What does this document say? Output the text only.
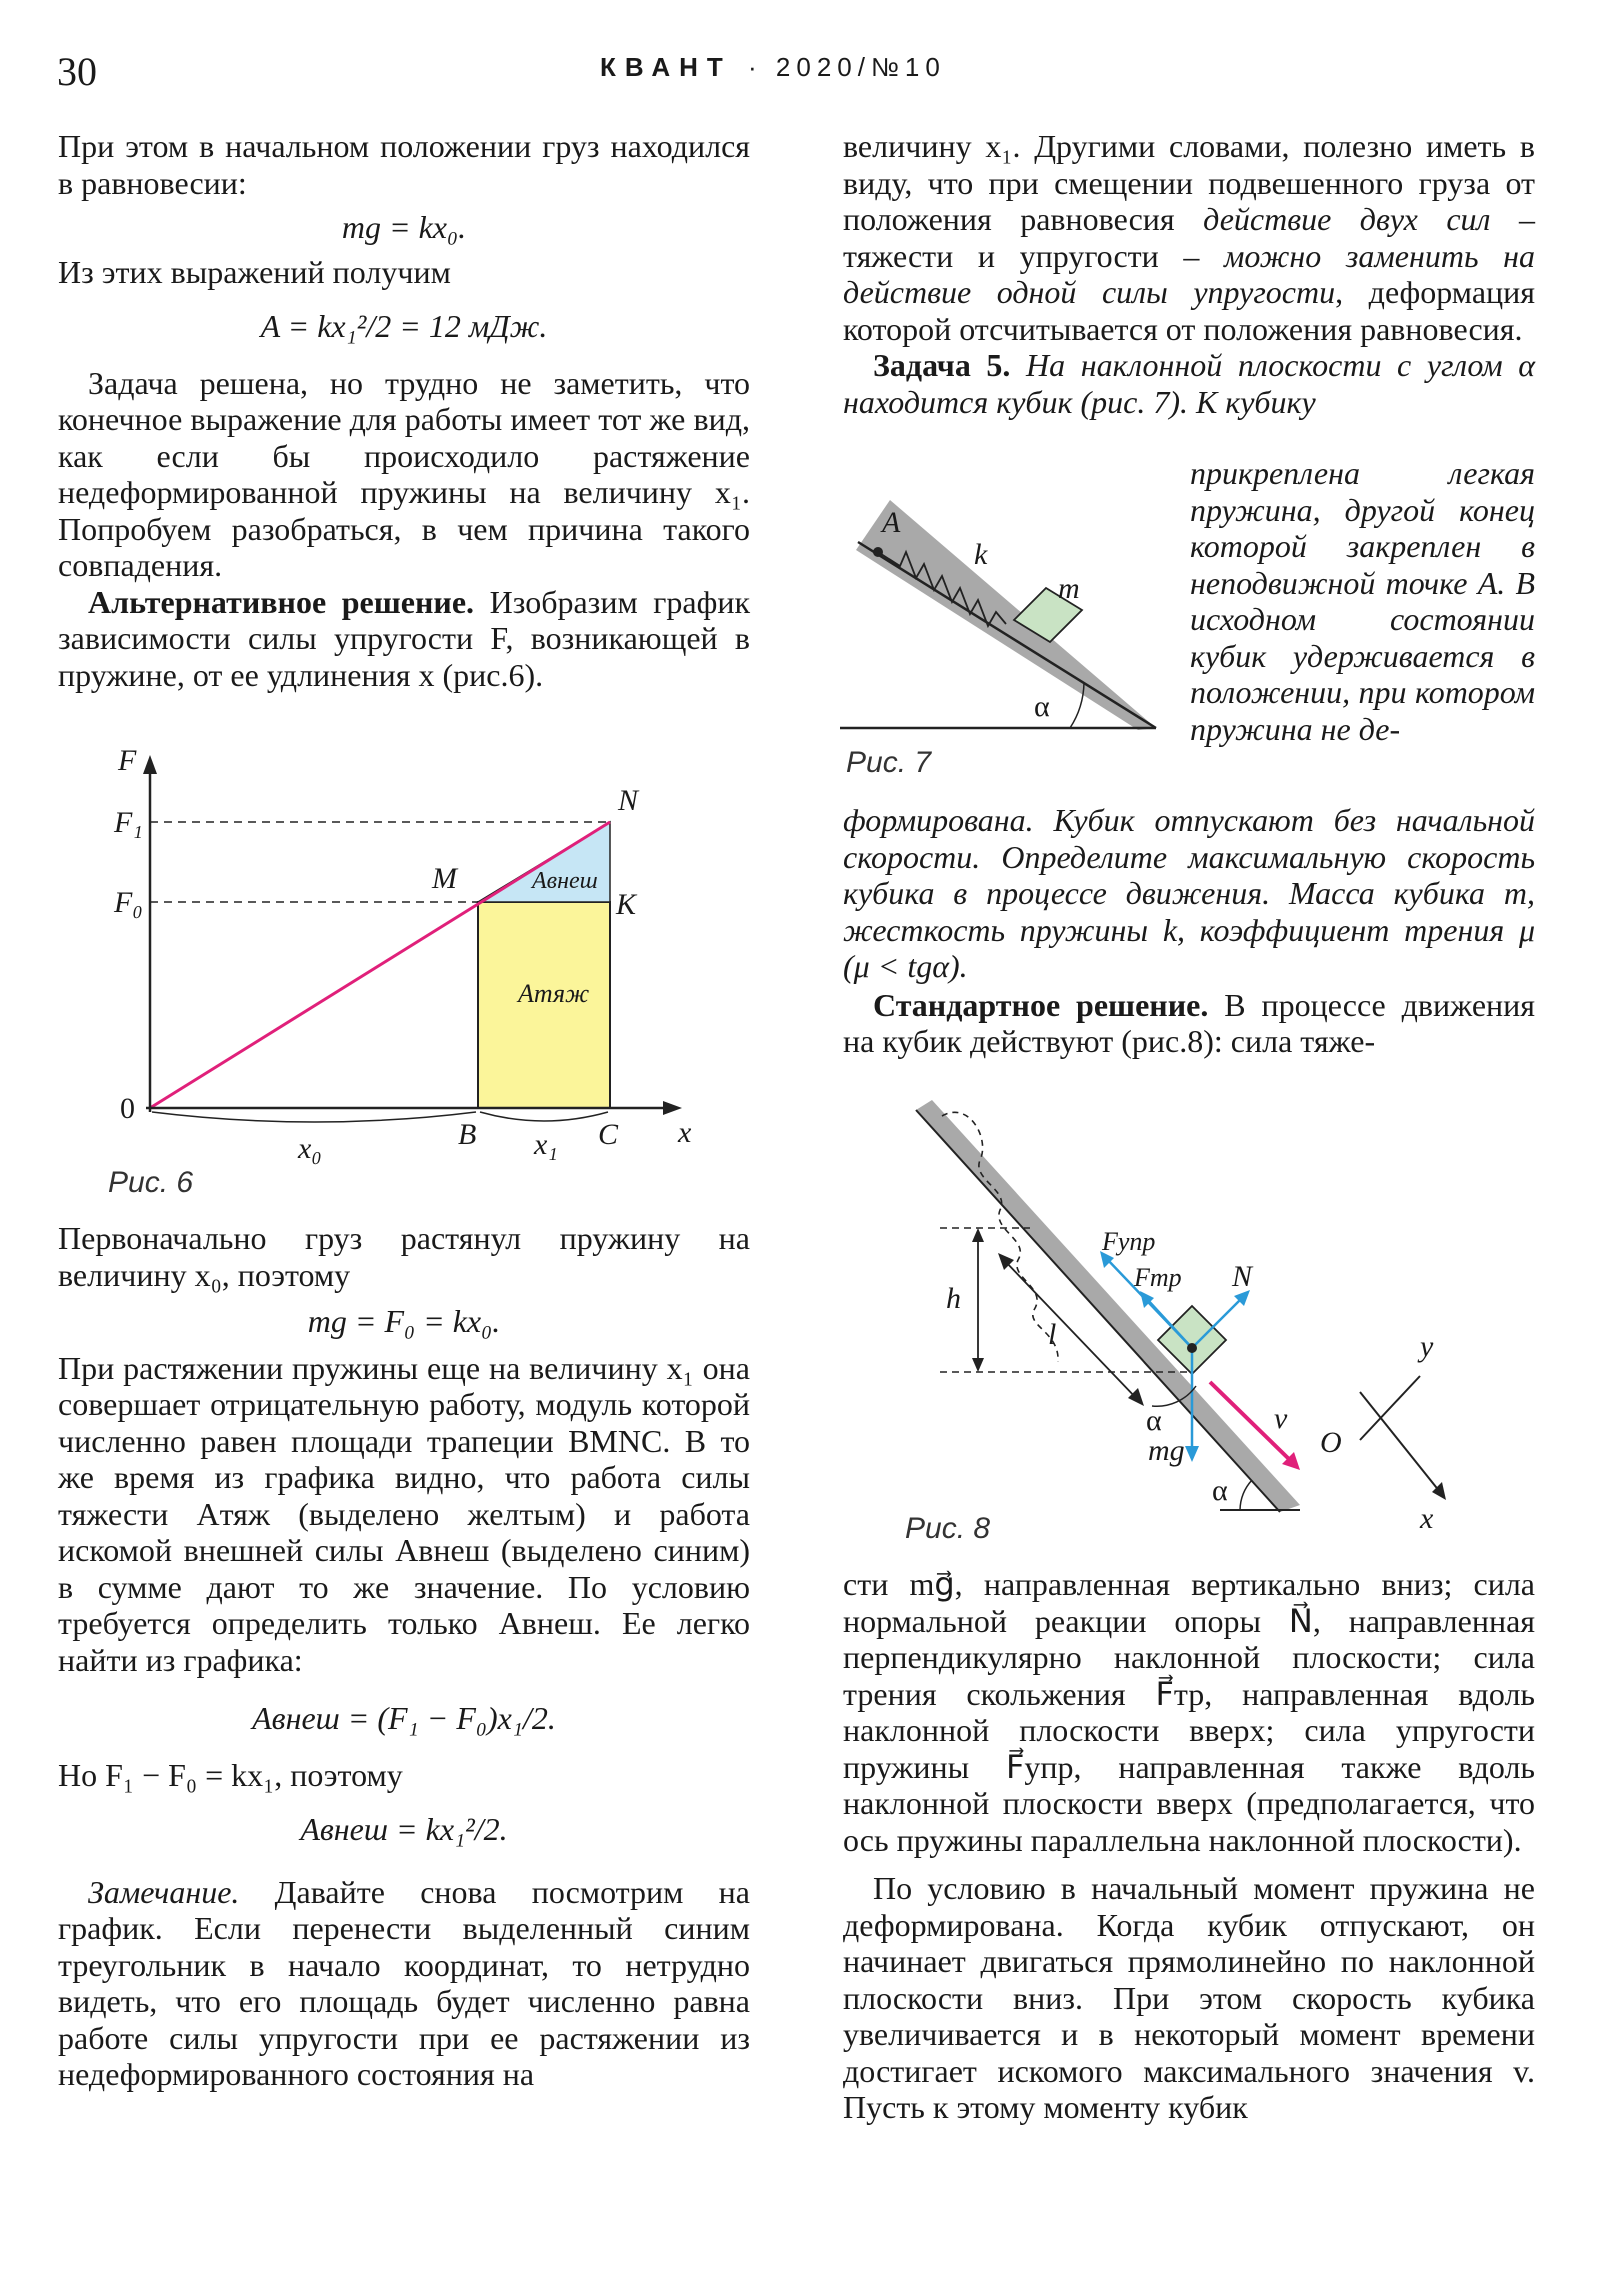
30	КВАНТ · 2020/№10

При этом в начальном положении груз находился в равновесии:

mg = kx₀.

Из этих выражений получим

A = kx₁²/2 = 12 мДж.

Задача решена, но трудно не заметить, что конечное выражение для работы имеет тот же вид, как если бы происходило растяжение недеформированной пружины на величину x₁. Попробуем разобраться, в чем причина такого совпадения.

Альтернативное решение. Изобразим график зависимости силы упругости F, возникающей в пружине, от ее удлинения x (рис.6).

F
F₁
F₀
0
N
M
K
Aвнеш
Aтяж
x₀	B x₁ C x
Рис. 6

Первоначально груз растянул пружину на величину x₀, поэтому

mg = F₀ = kx₀.

При растяжении пружины еще на величину x₁ она совершает отрицательную работу, модуль которой численно равен площади трапеции BMNC. В то же время из графика видно, что работа силы тяжести Aтяж (выделено желтым) и работа искомой внешней силы Aвнеш (выделено синим) в сумме дают то же значение. По условию требуется определить только Aвнеш. Ее легко найти из графика:

Aвнеш = (F₁ − F₀)x₁/2.

Но F₁ − F₀ = kx₁, поэтому

Aвнеш = kx₁²/2.

Замечание. Давайте снова посмотрим на график. Если перенести выделенный синим треугольник в начало координат, то нетрудно видеть, что его площадь будет численно равна работе силы упругости при ее растяжении из недеформированного состояния на

величину x₁. Другими словами, полезно иметь в виду, что при смещении подвешенного груза от положения равновесия действие двух сил – тяжести и упругости – можно заменить на действие одной силы упругости, деформация которой отсчитывается от положения равновесия.

Задача 5. На наклонной плоскости с углом α находится кубик (рис. 7). К кубику

A
k
m
α
Рис. 7

прикреплена легкая пружина, другой конец которой закреплен в неподвижной точке A. В исходном состоянии кубик удерживается в положении, при котором пружина не де-

формирована. Кубик отпускают без начальной скорости. Определите максимальную скорость кубика в процессе движения. Масса кубика m, жесткость пружины k, коэффициент трения μ (μ < tgα).

Стандартное решение. В процессе движения на кубик действуют (рис.8): сила тяже-

Fупр
Fтр N
h
l
v
α
mg
α
O
y
x
Рис. 8

сти mg⃗, направленная вертикально вниз; сила нормальной реакции опоры N⃗, направленная перпендикулярно наклонной плоскости; сила трения скольжения F⃗тр, направленная вдоль наклонной плоскости вверх; сила упругости пружины F⃗упр, направленная также вдоль наклонной плоскости вверх (предполагается, что ось пружины параллельна наклонной плоскости).

По условию в начальный момент пружина не деформирована. Когда кубик отпускают, он начинает двигаться прямолинейно по наклонной плоскости вниз. При этом скорость кубика увеличивается и в некоторый момент времени достигает искомого максимального значения v. Пусть к этому моменту кубик
